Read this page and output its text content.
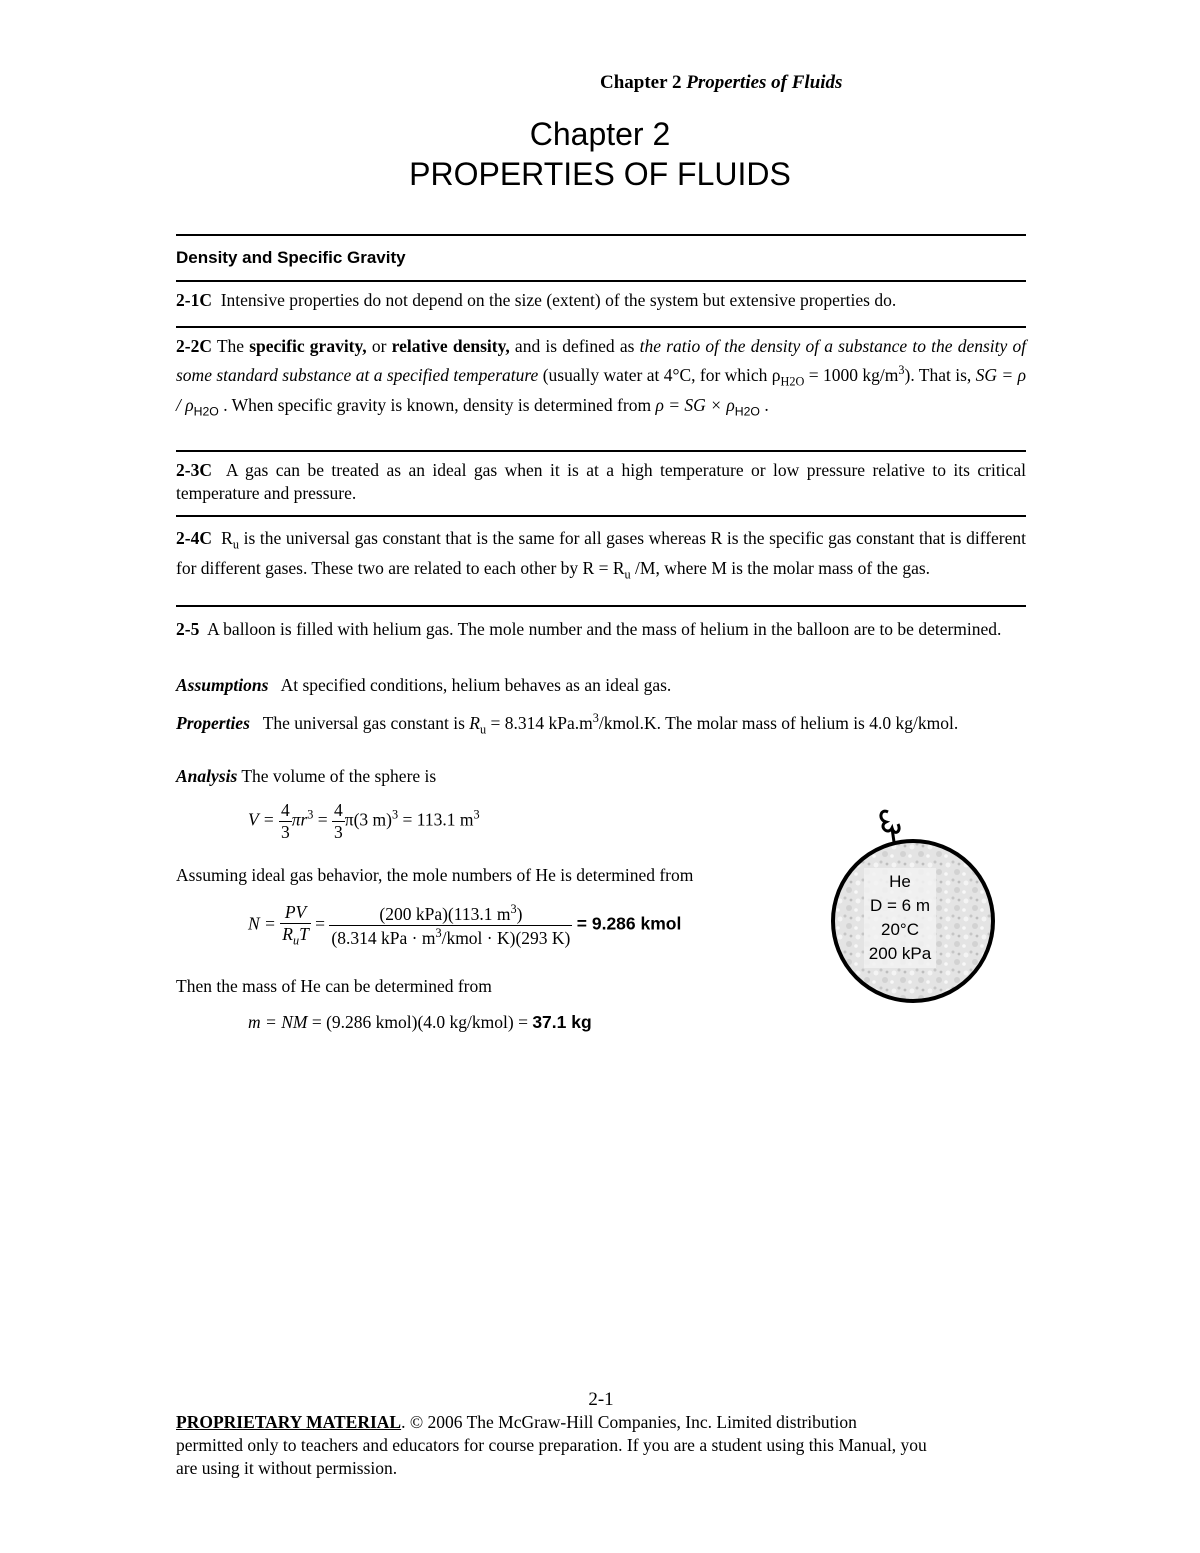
Chapter 2 Properties of Fluids
Chapter 2
PROPERTIES OF FLUIDS
Density and Specific Gravity
2-1C Intensive properties do not depend on the size (extent) of the system but extensive properties do.
2-2C The specific gravity, or relative density, and is defined as the ratio of the density of a substance to the density of some standard substance at a specified temperature (usually water at 4°C, for which $\rho_{H2O} = 1000$ $kg/m^3$). That is, SG = ρ / $\rho_{H2O}$ . When specific gravity is known, density is determined from ρ = SG × $\rho_{H2O}$ .
2-3C A gas can be treated as an ideal gas when it is at a high temperature or low pressure relative to its critical temperature and pressure.
2-4C $R_u$ is the universal gas constant that is the same for all gases whereas R is the specific gas constant that is different for different gases. These two are related to each other by $R = R_u$ /M, where M is the molar mass of the gas.
2-5 A balloon is filled with helium gas. The mole number and the mass of helium in the balloon are to be determined.
Assumptions At specified conditions, helium behaves as an ideal gas.
Properties The universal gas constant is $R_u = 8.314$ $kPa.m^3/kmol.K$. The molar mass of helium is 4.0 kg/kmol.
Analysis The volume of the sphere is
$V = \frac{4}{3} \pi r^3 = \frac{4}{3} \pi(3$ m)$^3$ = 113.1 $m^3$
Assuming ideal gas behavior, the mole numbers of He is determined from
$N = \frac{PV}{R_uT} = \frac{(200 kPa)(113.1 m^3)}{(8.314 kPa \cdot m^3/kmol \cdot K)(293 K)} = 9.286$ kmol
Then the mass of He can be determined from
m = NM = (9.286 kmol)(4.0 kg/kmol) = 37.1 kg
He
D = 6 m
20°C
200 kPa
2-1
PROPRIETARY MATERIAL. © 2006 The McGraw-Hill Companies, Inc. Limited distribution
permitted only to teachers and educators for course preparation. If you are a student using this Manual, you
are using it without permission.
